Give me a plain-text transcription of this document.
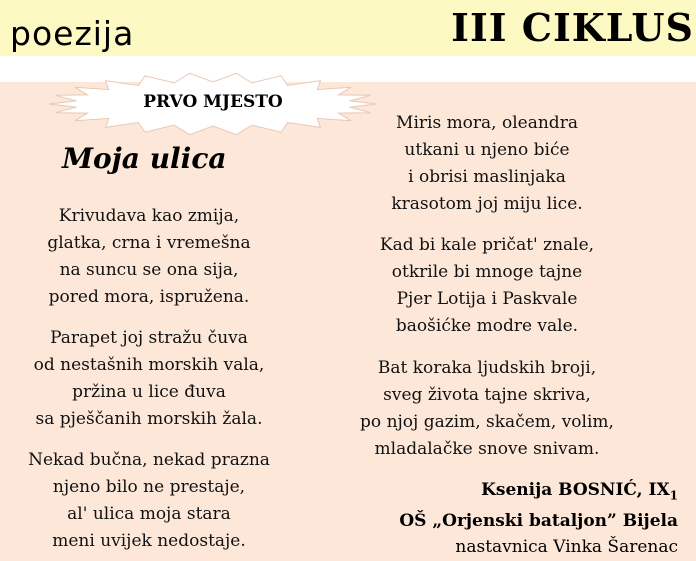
poezija	III CIKLUS
PRVO MJESTO
Moja ulica
Krivudava kao zmija,
glatka, crna i vremešna
na suncu se ona sija,
pored mora, ispružena.
Parapet joj stražu čuva
od nestašnih morskih vala,
pržina u lice đuva
sa pješčanih morskih žala.
Nekad bučna, nekad prazna
njeno bilo ne prestaje,
al' ulica moja stara
meni uvijek nedostaje.
Miris mora, oleandra
utkani u njeno biće
i obrisi maslinjaka
krasotom joj miju lice.
Kad bi kale pričat' znale,
otkrile bi mnoge tajne
Pjer Lotija i Paskvale
baošićke modre vale.
Bat koraka ljudskih broji,
sveg života tajne skriva,
po njoj gazim, skačem, volim,
mladalačke snove snivam.
Ksenija BOSNIĆ, $IX_1$
OŠ „Orjenski bataljon” Bijela
nastavnica Vinka Šarenac
